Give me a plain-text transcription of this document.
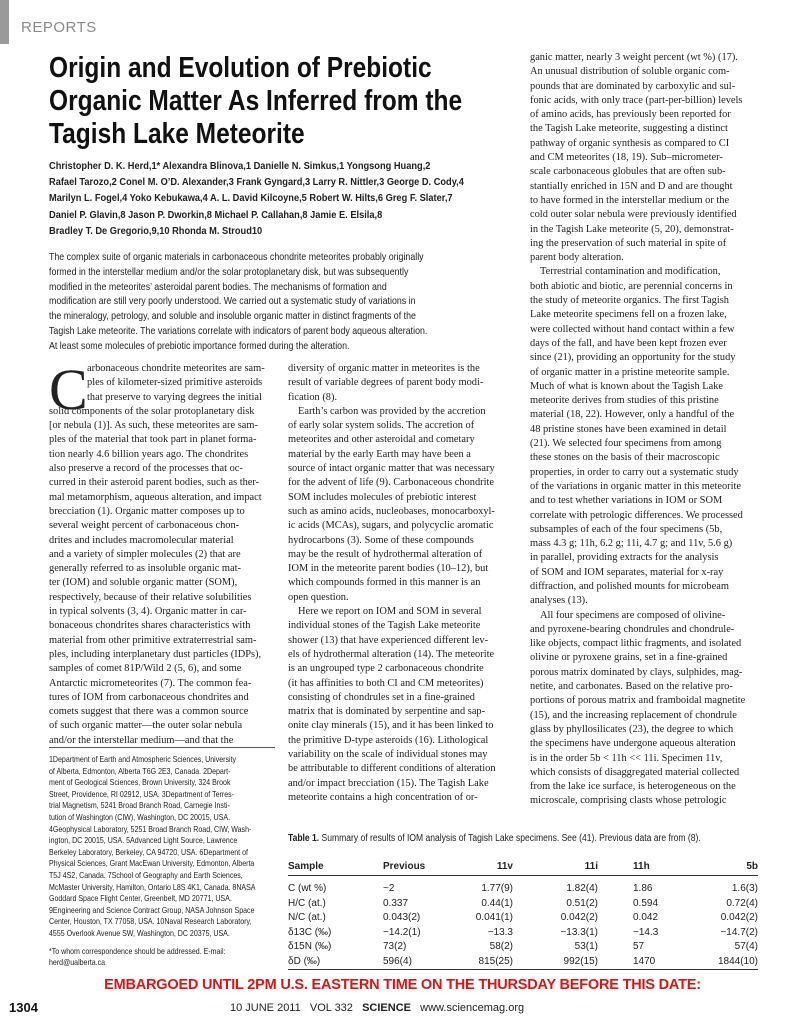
REPORTS
Origin and Evolution of Prebiotic
Organic Matter As Inferred from the
Tagish Lake Meteorite
Christopher D. K. Herd,1* Alexandra Blinova,1 Danielle N. Simkus,1 Yongsong Huang,2
Rafael Tarozo,2 Conel M. O’D. Alexander,3 Frank Gyngard,3 Larry R. Nittler,3 George D. Cody,4
Marilyn L. Fogel,4 Yoko Kebukawa,4 A. L. David Kilcoyne,5 Robert W. Hilts,6 Greg F. Slater,7
Daniel P. Glavin,8 Jason P. Dworkin,8 Michael P. Callahan,8 Jamie E. Elsila,8
Bradley T. De Gregorio,9,10 Rhonda M. Stroud10
The complex suite of organic materials in carbonaceous chondrite meteorites probably originally
formed in the interstellar medium and/or the solar protoplanetary disk, but was subsequently
modified in the meteorites’ asteroidal parent bodies. The mechanisms of formation and
modification are still very poorly understood. We carried out a systematic study of variations in
the mineralogy, petrology, and soluble and insoluble organic matter in distinct fragments of the
Tagish Lake meteorite. The variations correlate with indicators of parent body aqueous alteration.
At least some molecules of prebiotic importance formed during the alteration.
C arbonaceous chondrite meteorites are sam-
ples of kilometer-sized primitive asteroids
that preserve to varying degrees the initial
solid components of the solar protoplanetary disk
[or nebula (1)]. As such, these meteorites are sam-
ples of the material that took part in planet forma-
tion nearly 4.6 billion years ago. The chondrites
also preserve a record of the processes that oc-
curred in their asteroid parent bodies, such as ther-
mal metamorphism, aqueous alteration, and impact
brecciation (1). Organic matter composes up to
several weight percent of carbonaceous chon-
drites and includes macromolecular material
and a variety of simpler molecules (2) that are
generally referred to as insoluble organic mat-
ter (IOM) and soluble organic matter (SOM),
respectively, because of their relative solubilities
in typical solvents (3, 4). Organic matter in car-
bonaceous chondrites shares characteristics with
material from other primitive extraterrestrial sam-
ples, including interplanetary dust particles (IDPs),
samples of comet 81P/Wild 2 (5, 6), and some
Antarctic micrometeorites (7). The common fea-
tures of IOM from carbonaceous chondrites and
comets suggest that there was a common source
of such organic matter—the outer solar nebula
and/or the interstellar medium—and that the
diversity of organic matter in meteorites is the
result of variable degrees of parent body modi-
fication (8).
Earth’s carbon was provided by the accretion
of early solar system solids. The accretion of
meteorites and other asteroidal and cometary
material by the early Earth may have been a
source of intact organic matter that was necessary
for the advent of life (9). Carbonaceous chondrite
SOM includes molecules of prebiotic interest
such as amino acids, nucleobases, monocarboxyl-
ic acids (MCAs), sugars, and polycyclic aromatic
hydrocarbons (3). Some of these compounds
may be the result of hydrothermal alteration of
IOM in the meteorite parent bodies (10–12), but
which compounds formed in this manner is an
open question.
Here we report on IOM and SOM in several
individual stones of the Tagish Lake meteorite
shower (13) that have experienced different lev-
els of hydrothermal alteration (14). The meteorite
is an ungrouped type 2 carbonaceous chondrite
(it has affinities to both CI and CM meteorites)
consisting of chondrules set in a fine-grained
matrix that is dominated by serpentine and sap-
onite clay minerals (15), and it has been linked to
the primitive D-type asteroids (16). Lithological
variability on the scale of individual stones may
be attributable to different conditions of alteration
and/or impact brecciation (15). The Tagish Lake
meteorite contains a high concentration of or-
ganic matter, nearly 3 weight percent (wt %) (17).
An unusual distribution of soluble organic com-
pounds that are dominated by carboxylic and sul-
fonic acids, with only trace (part-per-billion) levels
of amino acids, has previously been reported for
the Tagish Lake meteorite, suggesting a distinct
pathway of organic synthesis as compared to CI
and CM meteorites (18, 19). Sub–micrometer-
scale carbonaceous globules that are often sub-
stantially enriched in 15N and D and are thought
to have formed in the interstellar medium or the
cold outer solar nebula were previously identified
in the Tagish Lake meteorite (5, 20), demonstrat-
ing the preservation of such material in spite of
parent body alteration.
Terrestrial contamination and modification,
both abiotic and biotic, are perennial concerns in
the study of meteorite organics. The first Tagish
Lake meteorite specimens fell on a frozen lake,
were collected without hand contact within a few
days of the fall, and have been kept frozen ever
since (21), providing an opportunity for the study
of organic matter in a pristine meteorite sample.
Much of what is known about the Tagish Lake
meteorite derives from studies of this pristine
material (18, 22). However, only a handful of the
48 pristine stones have been examined in detail
(21). We selected four specimens from among
these stones on the basis of their macroscopic
properties, in order to carry out a systematic study
of the variations in organic matter in this meteorite
and to test whether variations in IOM or SOM
correlate with petrologic differences. We processed
subsamples of each of the four specimens (5b,
mass 4.3 g; 11h, 6.2 g; 11i, 4.7 g; and 11v, 5.6 g)
in parallel, providing extracts for the analysis
of SOM and IOM separates, material for x-ray
diffraction, and polished mounts for microbeam
analyses (13).
All four specimens are composed of olivine-
and pyroxene-bearing chondrules and chondrule-
like objects, compact lithic fragments, and isolated
olivine or pyroxene grains, set in a fine-grained
porous matrix dominated by clays, sulphides, mag-
netite, and carbonates. Based on the relative pro-
portions of porous matrix and framboidal magnetite
(15), and the increasing replacement of chondrule
glass by phyllosilicates (23), the degree to which
the specimens have undergone aqueous alteration
is in the order 5b < 11h << 11i. Specimen 11v,
which consists of disaggregated material collected
from the lake ice surface, is heterogeneous on the
microscale, comprising clasts whose petrologic
1Department of Earth and Atmospheric Sciences, University
of Alberta, Edmonton, Alberta T6G 2E3, Canada. 2Depart-
ment of Geological Sciences, Brown University, 324 Brook
Street, Providence, RI 02912, USA. 3Department of Terres-
trial Magnetism, 5241 Broad Branch Road, Carnegie Insti-
tution of Washington (CIW), Washington, DC 20015, USA.
4Geophysical Laboratory, 5251 Broad Branch Road, CIW, Wash-
ington, DC 20015, USA. 5Advanced Light Source, Lawrence
Berkeley Laboratory, Berkeley, CA 94720, USA. 6Department of
Physical Sciences, Grant MacEwan University, Edmonton, Alberta
T5J 4S2, Canada. 7School of Geography and Earth Sciences,
McMaster University, Hamilton, Ontario L8S 4K1, Canada. 8NASA
Goddard Space Flight Center, Greenbelt, MD 20771, USA.
9Engineering and Science Contract Group, NASA Johnson Space
Center, Houston, TX 77058, USA. 10Naval Research Laboratory,
4555 Overlook Avenue SW, Washington, DC 20375, USA.
*To whom correspondence should be addressed. E-mail:
herd@ualberta.ca
Table 1. Summary of results of IOM analysis of Tagish Lake specimens. See (41). Previous data are from (8).
Sample	Previous	11v	11i	11h	5b
C (wt %)	~2	1.77(9)	1.82(4)	1.86	1.6(3)
H/C (at.)	0.337	0.44(1)	0.51(2)	0.594	0.72(4)
N/C (at.)	0.043(2)	0.041(1)	0.042(2)	0.042	0.042(2)
δ13C (‰)	−14.2(1)	−13.3	−13.3(1)	−14.3	−14.7(2)
δ15N (‰)	73(2)	58(2)	53(1)	57	57(4)
δD (‰)	596(4)	815(25)	992(15)	1470	1844(10)
EMBARGOED UNTIL 2PM U.S. EASTERN TIME ON THE THURSDAY BEFORE THIS DATE:
1304	10 JUNE 2011 VOL 332 SCIENCE www.sciencemag.org
